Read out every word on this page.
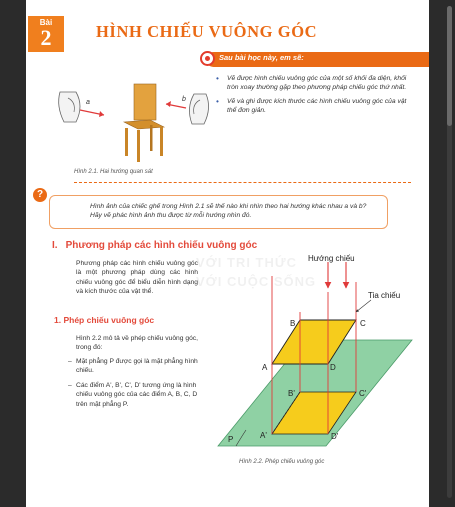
Bài
2	HÌNH CHIẾU VUÔNG GÓC
Sau bài học này, em sẽ:
• Vẽ được hình chiếu vuông góc của một số khối đa diện, khối tròn xoay thường gặp theo phương pháp chiếu góc thứ nhất.
• Vẽ và ghi được kích thước các hình chiếu vuông góc của vật thể đơn giản.
a	b
Hình 2.1. Hai hướng quan sát
?
Hình ảnh của chiếc ghế trong Hình 2.1 sẽ thế nào khi nhìn theo hai hướng khác nhau a và b? Hãy vẽ phác hình ảnh thu được từ mỗi hướng nhìn đó.
I. Phương pháp các hình chiếu vuông góc
VỚI TRI THỨC
VỚI CUỘC SỐNG
Phương pháp các hình chiếu vuông góc là một phương pháp dùng các hình chiếu vuông góc để biểu diễn hình dạng và kích thước của vật thể.
1. Phép chiếu vuông góc
Hình 2.2 mô tả về phép chiếu vuông góc, trong đó:
– Mặt phẳng P được gọi là mặt phẳng hình chiếu.
– Các điểm A', B', C', D' tương ứng là hình chiếu vuông góc của các điểm A, B, C, D trên mặt phẳng P.
P
Hướng chiếu
Tia chiếu
A
B	C
D
A'
B'	C'
D'
Hình 2.2. Phép chiếu vuông góc
